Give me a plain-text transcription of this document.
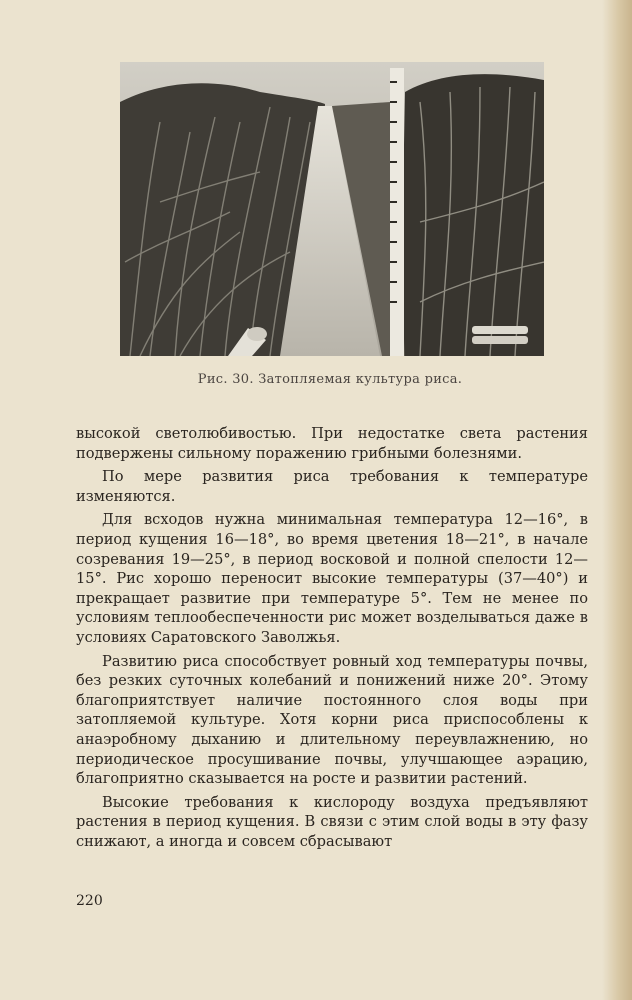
Рис. 30. Затопляемая культура риса.

высокой светолюбивостью. При недостатке света растения подвержены сильному поражению грибными болезнями.

По мере развития риса требования к температуре изменяются.

Для всходов нужна минимальная температура 12—16°, в период кущения 16—18°, во время цветения 18—21°, в начале созревания 19—25°, в период восковой и полной спелости 12—15°. Рис хорошо переносит высокие температуры (37—40°) и прекращает развитие при температуре 5°. Тем не менее по условиям теплообеспеченности рис может возделываться даже в условиях Саратовского Заволжья.

Развитию риса способствует ровный ход температуры почвы, без резких суточных колебаний и понижений ниже 20°. Этому благоприятствует наличие постоянного слоя воды при затопляемой культуре. Хотя корни риса приспособлены к анаэробному дыханию и длительному переувлажнению, но периодическое просушивание почвы, улучшающее аэрацию, благоприятно сказывается на росте и развитии растений.

Высокие требования к кислороду воздуха предъявляют растения в период кущения. В связи с этим слой воды в эту фазу снижают, а иногда и совсем сбрасывают

220
